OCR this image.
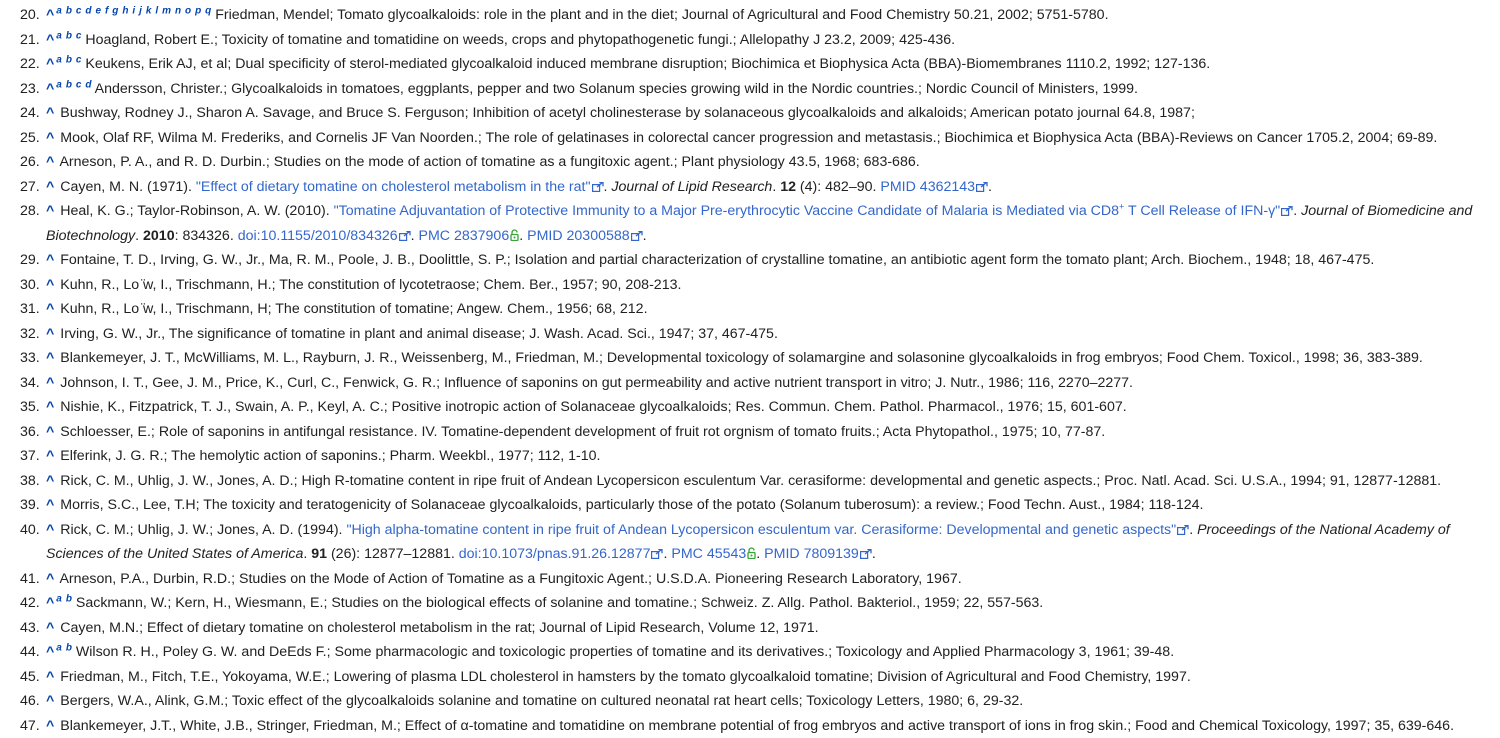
20. ^ $^a$ $^b$ $^c$ $^d$ $^e$ $^f$ $^g$ $^h$ $^i$ $^j$ $^k$ $^l$ $^m$ $^n$ $^o$ $^p$ $^q$ Friedman, Mendel; Tomato glycoalkaloids: role in the plant and in the diet; Journal of Agricultural and Food Chemistry 50.21, 2002; 5751-5780.
21. ^ $^a$ $^b$ $^c$ Hoagland, Robert E.; Toxicity of tomatine and tomatidine on weeds, crops and phytopathogenetic fungi.; Allelopathy J 23.2, 2009; 425-436.
22. ^ $^a$ $^b$ $^c$ Keukens, Erik AJ, et al; Dual specificity of sterol-mediated glycoalkaloid induced membrane disruption; Biochimica et Biophysica Acta (BBA)-Biomembranes 1110.2, 1992; 127-136.
23. ^ $^a$ $^b$ $^c$ $^d$ Andersson, Christer.; Glycoalkaloids in tomatoes, eggplants, pepper and two Solanum species growing wild in the Nordic countries.; Nordic Council of Ministers, 1999.
24. ^ Bushway, Rodney J., Sharon A. Savage, and Bruce S. Ferguson; Inhibition of acetyl cholinesterase by solanaceous glycoalkaloids and alkaloids; American potato journal 64.8, 1987;
25. ^ Mook, Olaf RF, Wilma M. Frederiks, and Cornelis JF Van Noorden.; The role of gelatinases in colorectal cancer progression and metastasis.; Biochimica et Biophysica Acta (BBA)-Reviews on Cancer 1705.2, 2004; 69-89.
26. ^ Arneson, P. A., and R. D. Durbin.; Studies on the mode of action of tomatine as a fungitoxic agent.; Plant physiology 43.5, 1968; 683-686.
27. ^ Cayen, M. N. (1971). "Effect of dietary tomatine on cholesterol metabolism in the rat" . Journal of Lipid Research. 12 (4): 482–90. PMID 4362143 .
28. ^ Heal, K. G.; Taylor-Robinson, A. W. (2010). "Tomatine Adjuvantation of Protective Immunity to a Major Pre-erythrocytic Vaccine Candidate of Malaria is Mediated via CD8+ T Cell Release of IFN-γ" . Journal of Biomedicine and Biotechnology. 2010: 834326. doi:10.1155/2010/834326 . PMC 2837906 . PMID 20300588 .
29. ^ Fontaine, T. D., Irving, G. W., Jr., Ma, R. M., Poole, J. B., Doolittle, S. P.; Isolation and partial characterization of crystalline tomatine, an antibiotic agent form the tomato plant; Arch. Biochem., 1948; 18, 467-475.
30. ^ Kuhn, R., Lo ̈w, I., Trischmann, H.; The constitution of lycotetraose; Chem. Ber., 1957; 90, 208-213.
31. ^ Kuhn, R., Lo ̈w, I., Trischmann, H; The constitution of tomatine; Angew. Chem., 1956; 68, 212.
32. ^ Irving, G. W., Jr., The significance of tomatine in plant and animal disease; J. Wash. Acad. Sci., 1947; 37, 467-475.
33. ^ Blankemeyer, J. T., McWilliams, M. L., Rayburn, J. R., Weissenberg, M., Friedman, M.; Developmental toxicology of solamargine and solasonine glycoalkaloids in frog embryos; Food Chem. Toxicol., 1998; 36, 383-389.
34. ^ Johnson, I. T., Gee, J. M., Price, K., Curl, C., Fenwick, G. R.; Influence of saponins on gut permeability and active nutrient transport in vitro; J. Nutr., 1986; 116, 2270–2277.
35. ^ Nishie, K., Fitzpatrick, T. J., Swain, A. P., Keyl, A. C.; Positive inotropic action of Solanaceae glycoalkaloids; Res. Commun. Chem. Pathol. Pharmacol., 1976; 15, 601-607.
36. ^ Schloesser, E.; Role of saponins in antifungal resistance. IV. Tomatine-dependent development of fruit rot orgnism of tomato fruits.; Acta Phytopathol., 1975; 10, 77-87.
37. ^ Elferink, J. G. R.; The hemolytic action of saponins.; Pharm. Weekbl., 1977; 112, 1-10.
38. ^ Rick, C. M., Uhlig, J. W., Jones, A. D.; High R-tomatine content in ripe fruit of Andean Lycopersicon esculentum Var. cerasiforme: developmental and genetic aspects.; Proc. Natl. Acad. Sci. U.S.A., 1994; 91, 12877-12881.
39. ^ Morris, S.C., Lee, T.H; The toxicity and teratogenicity of Solanaceae glycoalkaloids, particularly those of the potato (Solanum tuberosum): a review.; Food Techn. Aust., 1984; 118-124.
40. ^ Rick, C. M.; Uhlig, J. W.; Jones, A. D. (1994). "High alpha-tomatine content in ripe fruit of Andean Lycopersicon esculentum var. Cerasiforme: Developmental and genetic aspects" . Proceedings of the National Academy of Sciences of the United States of America. 91 (26): 12877–12881. doi:10.1073/pnas.91.26.12877 . PMC 45543 . PMID 7809139 .
41. ^ Arneson, P.A., Durbin, R.D.; Studies on the Mode of Action of Tomatine as a Fungitoxic Agent.; U.S.D.A. Pioneering Research Laboratory, 1967.
42. ^ $^a$ $^b$ Sackmann, W.; Kern, H., Wiesmann, E.; Studies on the biological effects of solanine and tomatine.; Schweiz. Z. Allg. Pathol. Bakteriol., 1959; 22, 557-563.
43. ^ Cayen, M.N.; Effect of dietary tomatine on cholesterol metabolism in the rat; Journal of Lipid Research, Volume 12, 1971.
44. ^ $^a$ $^b$ Wilson R. H., Poley G. W. and DeEds F.; Some pharmacologic and toxicologic properties of tomatine and its derivatives.; Toxicology and Applied Pharmacology 3, 1961; 39-48.
45. ^ Friedman, M., Fitch, T.E., Yokoyama, W.E.; Lowering of plasma LDL cholesterol in hamsters by the tomato glycoalkaloid tomatine; Division of Agricultural and Food Chemistry, 1997.
46. ^ Bergers, W.A., Alink, G.M.; Toxic effect of the glycoalkaloids solanine and tomatine on cultured neonatal rat heart cells; Toxicology Letters, 1980; 6, 29-32.
47. ^ Blankemeyer, J.T., White, J.B., Stringer, Friedman, M.; Effect of α-tomatine and tomatidine on membrane potential of frog embryos and active transport of ions in frog skin.; Food and Chemical Toxicology, 1997; 35, 639-646.
